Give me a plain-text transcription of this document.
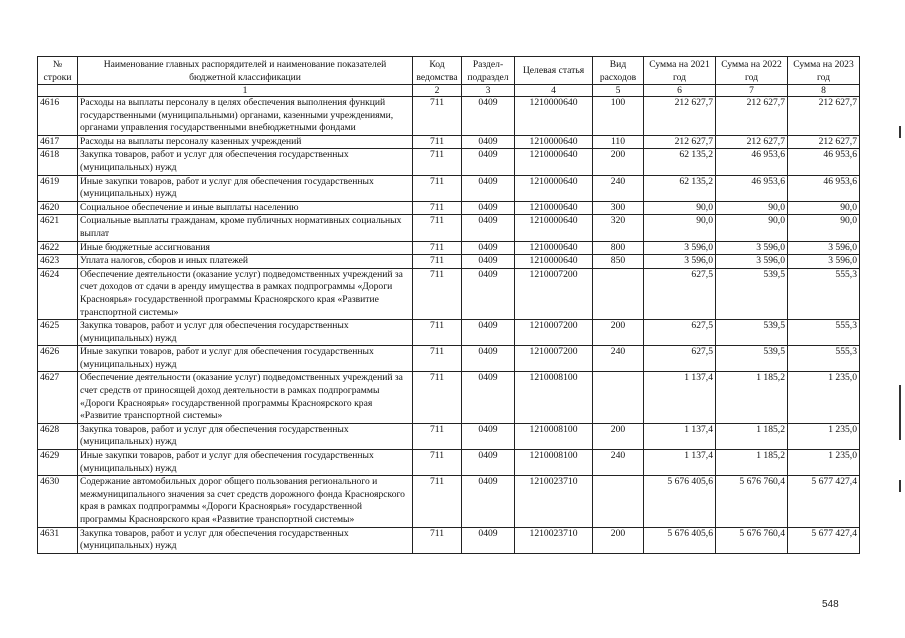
№ строки	Наименование главных распорядителей и наименование показателей бюджетной классификации	Код ведомства	Раздел-подраздел	Целевая статья	Вид расходов	Сумма на 2021 год	Сумма на 2022 год	Сумма на 2023 год
	1	2	3	4	5	6	7	8
4616	Расходы на выплаты персоналу в целях обеспечения выполнения функций государственными (муниципальными) органами, казенными учреждениями, органами управления государственными внебюджетными фондами	711	0409	1210000640	100	212 627,7	212 627,7	212 627,7
4617	Расходы на выплаты персоналу казенных учреждений	711	0409	1210000640	110	212 627,7	212 627,7	212 627,7
4618	Закупка товаров, работ и услуг для обеспечения государственных (муниципальных) нужд	711	0409	1210000640	200	62 135,2	46 953,6	46 953,6
4619	Иные закупки товаров, работ и услуг для обеспечения государственных (муниципальных) нужд	711	0409	1210000640	240	62 135,2	46 953,6	46 953,6
4620	Социальное обеспечение и иные выплаты населению	711	0409	1210000640	300	90,0	90,0	90,0
4621	Социальные выплаты гражданам, кроме публичных нормативных социальных выплат	711	0409	1210000640	320	90,0	90,0	90,0
4622	Иные бюджетные ассигнования	711	0409	1210000640	800	3 596,0	3 596,0	3 596,0
4623	Уплата налогов, сборов и иных платежей	711	0409	1210000640	850	3 596,0	3 596,0	3 596,0
4624	Обеспечение деятельности (оказание услуг) подведомственных учреждений за счет доходов от сдачи в аренду имущества в рамках подпрограммы «Дороги Красноярья» государственной программы Красноярского края «Развитие транспортной системы»	711	0409	1210007200		627,5	539,5	555,3
4625	Закупка товаров, работ и услуг для обеспечения государственных (муниципальных) нужд	711	0409	1210007200	200	627,5	539,5	555,3
4626	Иные закупки товаров, работ и услуг для обеспечения государственных (муниципальных) нужд	711	0409	1210007200	240	627,5	539,5	555,3
4627	Обеспечение деятельности (оказание услуг) подведомственных учреждений за счет средств от приносящей доход деятельности в рамках подпрограммы «Дороги Красноярья» государственной программы Красноярского края «Развитие транспортной системы»	711	0409	1210008100		1 137,4	1 185,2	1 235,0
4628	Закупка товаров, работ и услуг для обеспечения государственных (муниципальных) нужд	711	0409	1210008100	200	1 137,4	1 185,2	1 235,0
4629	Иные закупки товаров, работ и услуг для обеспечения государственных (муниципальных) нужд	711	0409	1210008100	240	1 137,4	1 185,2	1 235,0
4630	Содержание автомобильных дорог общего пользования регионального и межмуниципального значения за счет средств дорожного фонда Красноярского края в рамках подпрограммы «Дороги Красноярья» государственной программы Красноярского края «Развитие транспортной системы»	711	0409	1210023710		5 676 405,6	5 676 760,4	5 677 427,4
4631	Закупка товаров, работ и услуг для обеспечения государственных (муниципальных) нужд	711	0409	1210023710	200	5 676 405,6	5 676 760,4	5 677 427,4
548
